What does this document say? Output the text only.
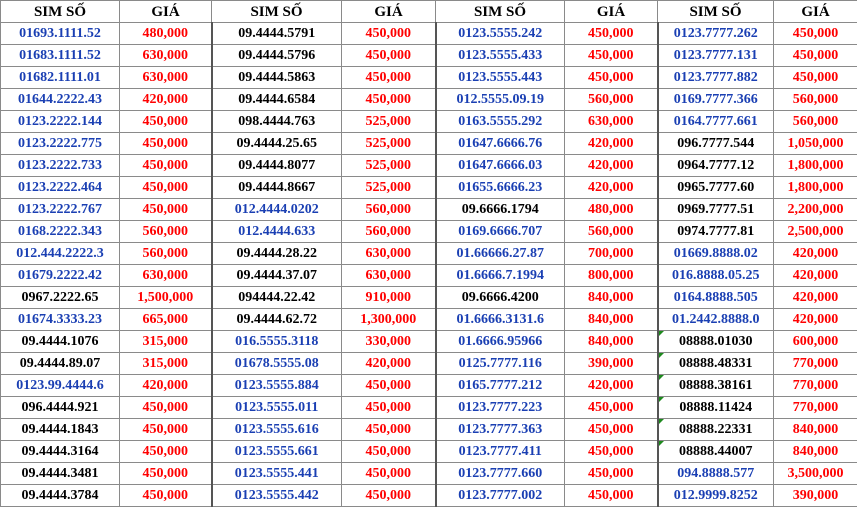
SIM SỐ	GIÁ	SIM SỐ	GIÁ	SIM SỐ	GIÁ	SIM SỐ	GIÁ
01693.1111.52	480,000	09.4444.5791	450,000	0123.5555.242	450,000	0123.7777.262	450,000
01683.1111.52	630,000	09.4444.5796	450,000	0123.5555.433	450,000	0123.7777.131	450,000
01682.1111.01	630,000	09.4444.5863	450,000	0123.5555.443	450,000	0123.7777.882	450,000
01644.2222.43	420,000	09.4444.6584	450,000	012.5555.09.19	560,000	0169.7777.366	560,000
0123.2222.144	450,000	098.4444.763	525,000	0163.5555.292	630,000	0164.7777.661	560,000
0123.2222.775	450,000	09.4444.25.65	525,000	01647.6666.76	420,000	096.7777.544	1,050,000
0123.2222.733	450,000	09.4444.8077	525,000	01647.6666.03	420,000	0964.7777.12	1,800,000
0123.2222.464	450,000	09.4444.8667	525,000	01655.6666.23	420,000	0965.7777.60	1,800,000
0123.2222.767	450,000	012.4444.0202	560,000	09.6666.1794	480,000	0969.7777.51	2,200,000
0168.2222.343	560,000	012.4444.633	560,000	0169.6666.707	560,000	0974.7777.81	2,500,000
012.444.2222.3	560,000	09.4444.28.22	630,000	01.66666.27.87	700,000	01669.8888.02	420,000
01679.2222.42	630,000	09.4444.37.07	630,000	01.6666.7.1994	800,000	016.8888.05.25	420,000
0967.2222.65	1,500,000	094444.22.42	910,000	09.6666.4200	840,000	0164.8888.505	420,000
01674.3333.23	665,000	09.4444.62.72	1,300,000	01.6666.3131.6	840,000	01.2442.8888.0	420,000
09.4444.1076	315,000	016.5555.3118	330,000	01.6666.95966	840,000	08888.01030	600,000
09.4444.89.07	315,000	01678.5555.08	420,000	0125.7777.116	390,000	08888.48331	770,000
0123.99.4444.6	420,000	0123.5555.884	450,000	0165.7777.212	420,000	08888.38161	770,000
096.4444.921	450,000	0123.5555.011	450,000	0123.7777.223	450,000	08888.11424	770,000
09.4444.1843	450,000	0123.5555.616	450,000	0123.7777.363	450,000	08888.22331	840,000
09.4444.3164	450,000	0123.5555.661	450,000	0123.7777.411	450,000	08888.44007	840,000
09.4444.3481	450,000	0123.5555.441	450,000	0123.7777.660	450,000	094.8888.577	3,500,000
09.4444.3784	450,000	0123.5555.442	450,000	0123.7777.002	450,000	012.9999.8252	390,000
